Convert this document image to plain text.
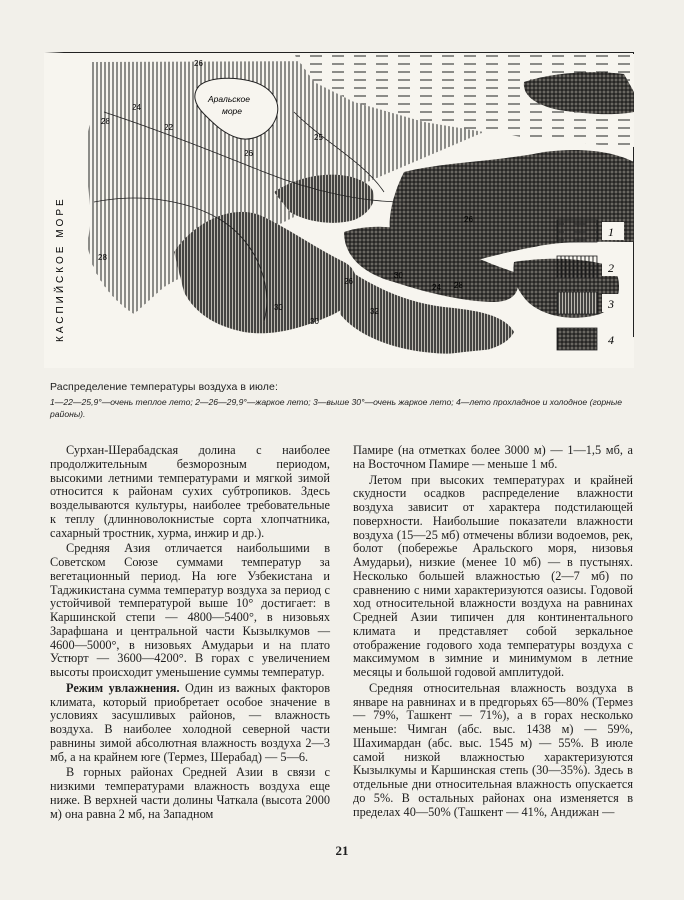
1
2
3
4
КАСПИЙСКОЕ МОРЕ
Аральское
море
28
24
22
26
26
25
28
30
30
26
30
32
24 28
26
Распределение температуры воздуха в июле:
1—22—25,9°—очень теплое лето; 2—26—29,9°—жаркое лето; 3—выше 30°—очень жаркое лето; 4—лето прохладное и холодное (горные районы).

Сурхан-Шерабадская долина с наиболее продолжительным безморозным периодом, высокими летними температурами и мягкой зимой относится к районам сухих субтропиков. Здесь возделываются культуры, наиболее требовательные к теплу (длинноволокнистые сорта хлопчатника, сахарный тростник, хурма, инжир и др.).

Средняя Азия отличается наибольшими в Советском Союзе суммами температур за вегетационный период. На юге Узбекистана и Таджикистана сумма температур воздуха за период с устойчивой температурой выше 10° достигает: в Каршинской степи — 4800—5400°, в низовьях Зарафшана и центральной части Кызылкумов — 4600—5000°, в низовьях Амударьи и на плато Устюрт — 3600—4200°. В горах с увеличением высоты происходит уменьшение суммы температур.

Режим увлажнения. Один из важных факторов климата, который приобретает особое значение в условиях засушливых районов, — влажность воздуха. В наиболее холодной северной части равнины зимой абсолютная влажность воздуха 2—3 мб, а на крайнем юге (Термез, Шерабад) — 5—6.

В горных районах Средней Азии в связи с низкими температурами влажность воздуха еще ниже. В верхней части долины Чаткала (высота 2000 м) она равна 2 мб, на Западном

Памире (на отметках более 3000 м) — 1—1,5 мб, а на Восточном Памире — меньше 1 мб.

Летом при высоких температурах и крайней скудности осадков распределение влажности воздуха зависит от характера подстилающей поверхности. Наибольшие показатели влажности воздуха (15—25 мб) отмечены вблизи водоемов, рек, болот (побережье Аральского моря, низовья Амударьи), низкие (менее 10 мб) — в пустынях. Несколько большей влажностью (2—7 мб) по сравнению с ними характеризуются оазисы. Годовой ход относительной влажности воздуха на равнинах Средней Азии типичен для континентального климата и представляет собой зеркальное отображение годового хода температуры воздуха с максимумом в зимние и минимумом в летние месяцы и большой годовой амплитудой.

Средняя относительная влажность воздуха в январе на равнинах и в предгорьях 65—80% (Термез — 79%, Ташкент — 71%), а в горах несколько меньше: Чимган (абс. выс. 1438 м) — 59%, Шахимардан (абс. выс. 1545 м) — 55%. В июле самой низкой влажностью характеризуются Кызылкумы и Каршинская степь (30—35%). Здесь в отдельные дни относительная влажность опускается до 5%. В остальных районах она изменяется в пределах 40—50% (Ташкент — 41%, Андижан —

21
